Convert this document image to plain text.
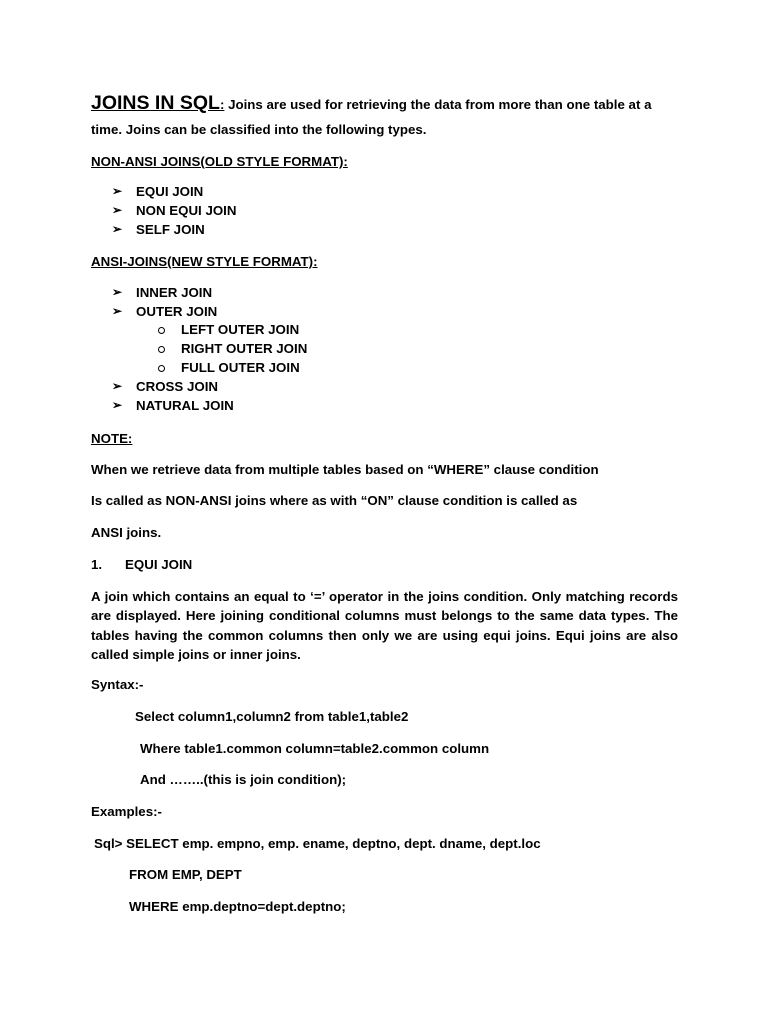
JOINS IN SQL: Joins are used for retrieving the data from more than one table at a
time. Joins can be classified into the following types.
NON-ANSI JOINS(OLD STYLE FORMAT):
➢ EQUI JOIN
➢ NON EQUI JOIN
➢ SELF JOIN
ANSI-JOINS(NEW STYLE FORMAT):
➢ INNER JOIN
➢ OUTER JOIN
LEFT OUTER JOIN
RIGHT OUTER JOIN
FULL OUTER JOIN
➢ CROSS JOIN
➢ NATURAL JOIN
NOTE:
When we retrieve data from multiple tables based on “WHERE” clause condition
Is called as NON-ANSI joins where as with “ON” clause condition is called as
ANSI joins.
1. EQUI JOIN
A join which contains an equal to ‘=’ operator in the joins condition. Only matching records are displayed. Here joining conditional columns must belongs to the same data types. The tables having the common columns then only we are using equi joins. Equi joins are also called simple joins or inner joins.
Syntax:-
Select column1,column2 from table1,table2
Where table1.common column=table2.common column
And ……..(this is join condition);
Examples:-
Sql> SELECT emp. empno, emp. ename, deptno, dept. dname, dept.loc
FROM EMP, DEPT
WHERE emp.deptno=dept.deptno;
